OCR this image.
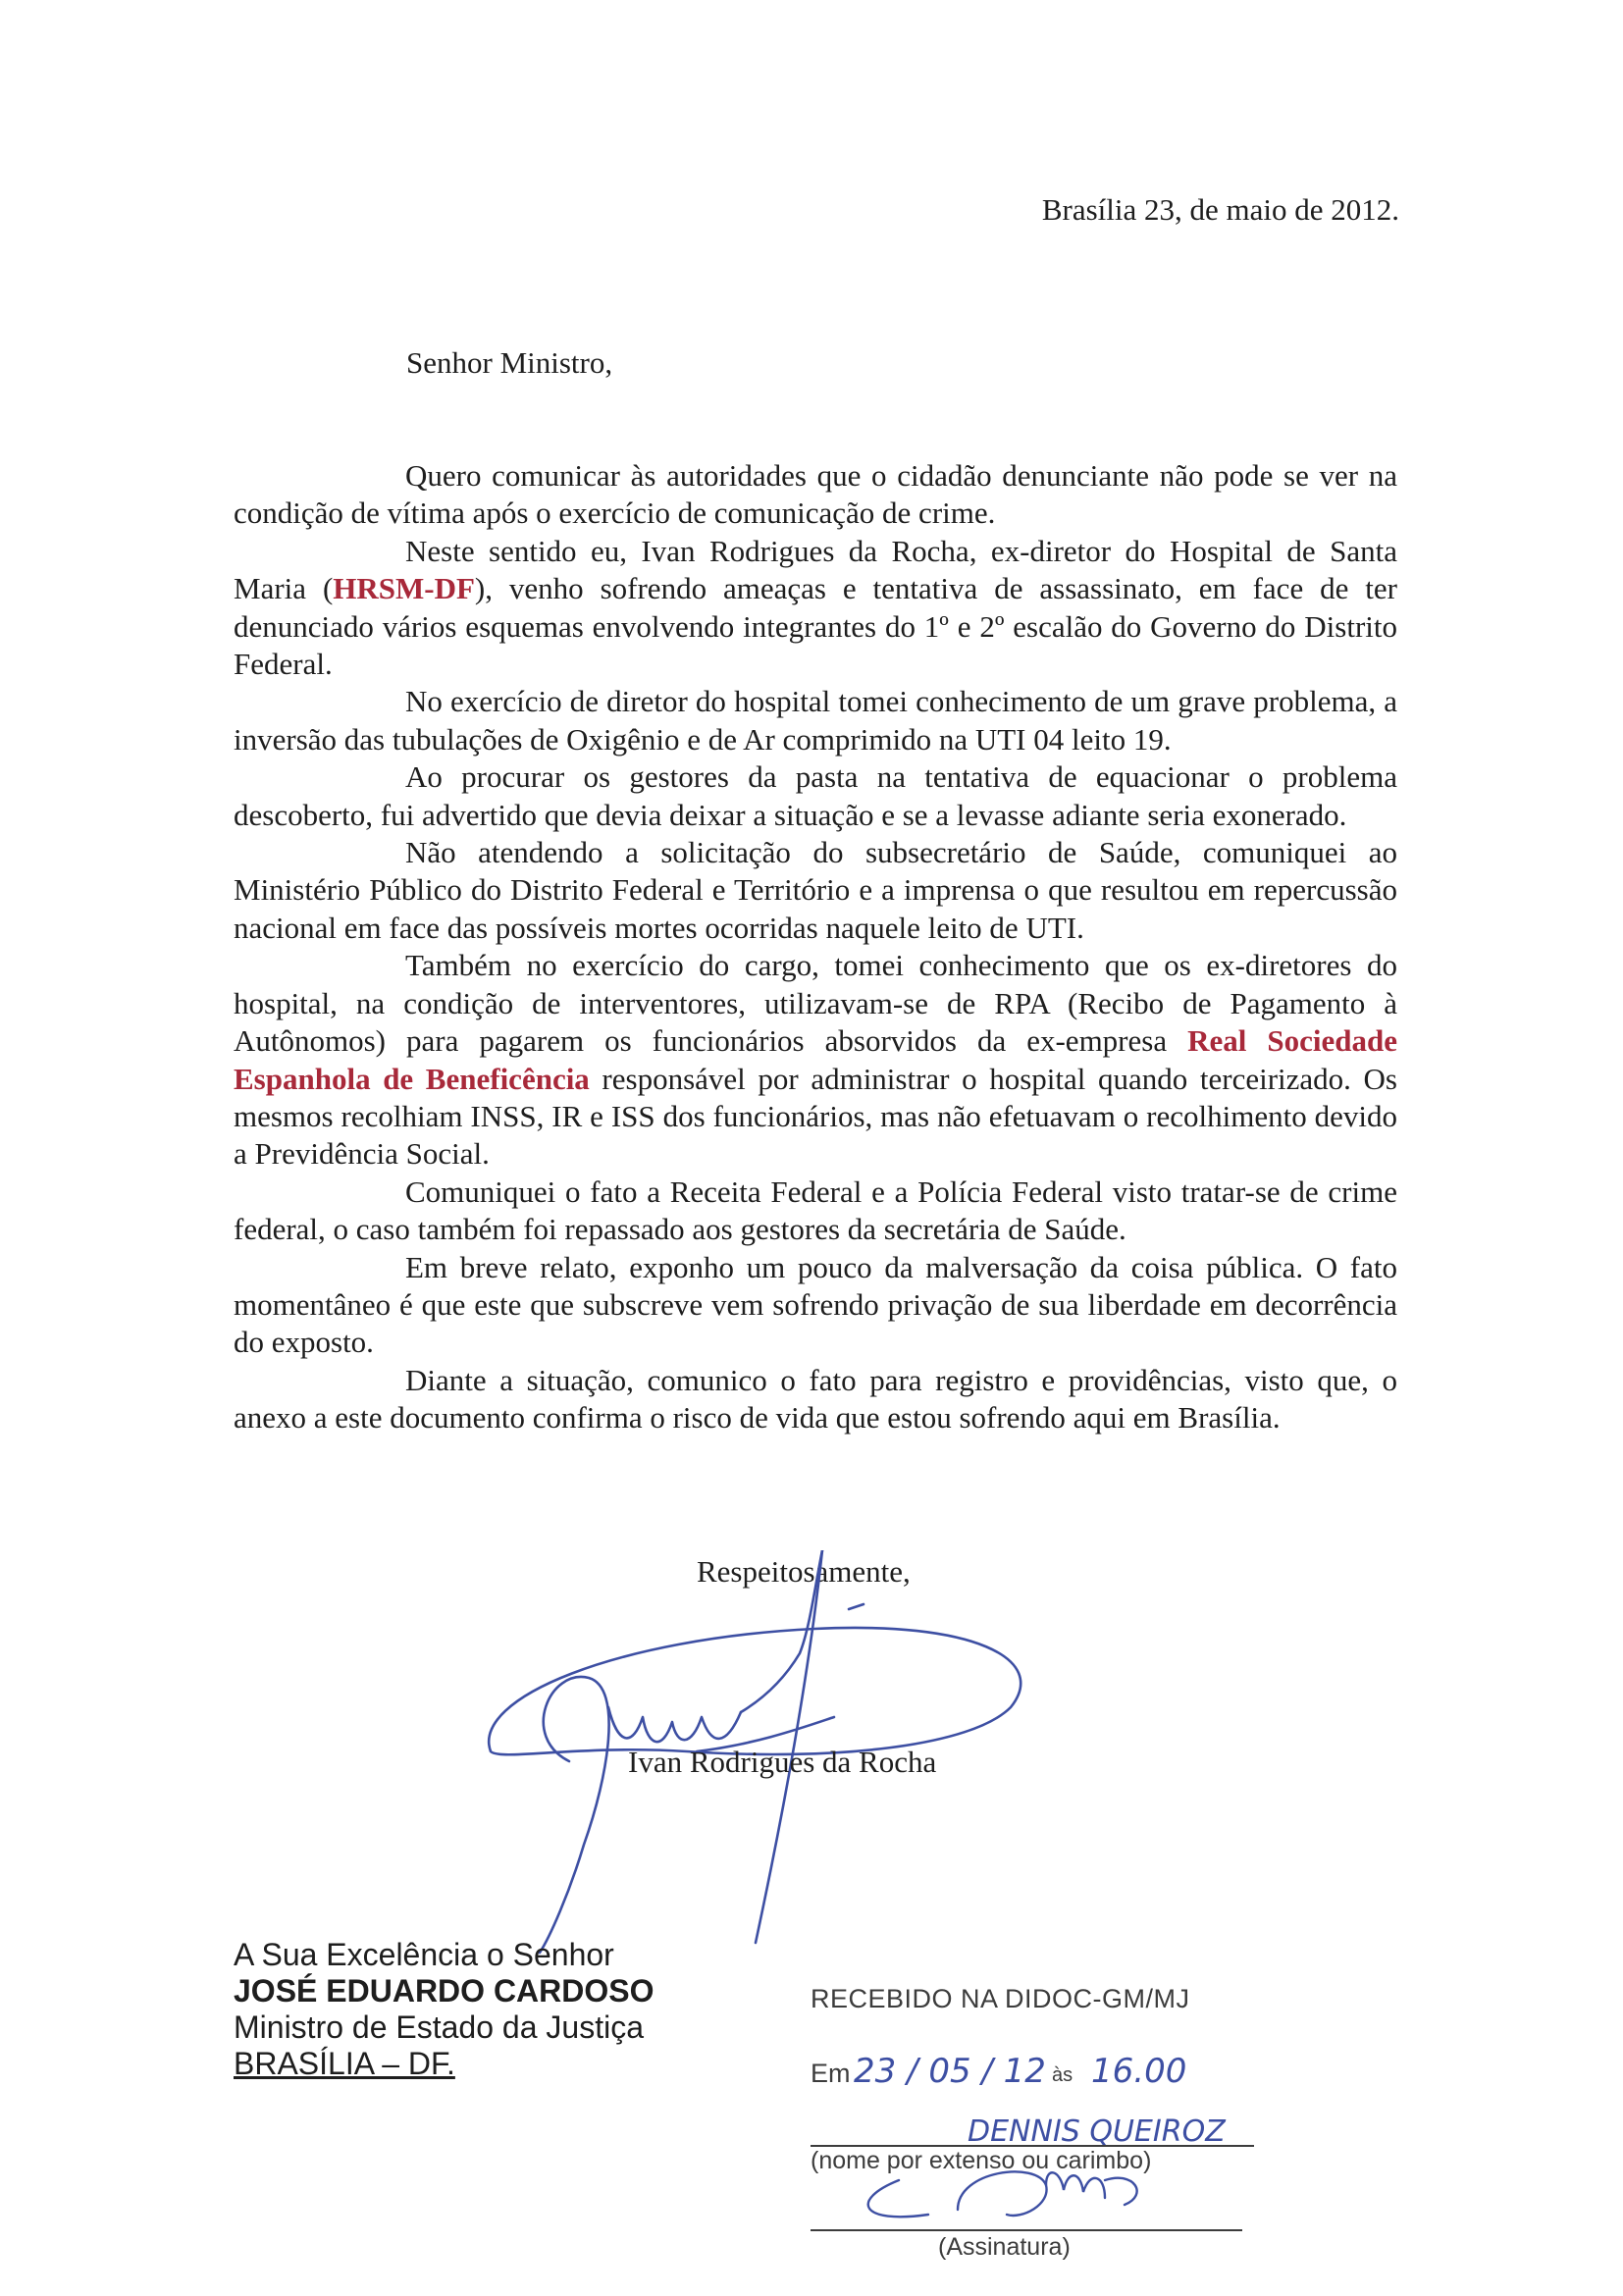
Brasília 23, de maio de 2012.
Senhor Ministro,

Quero comunicar às autoridades que o cidadão denunciante não pode se ver na condição de vítima após o exercício de comunicação de crime.

Neste sentido eu, Ivan Rodrigues da Rocha, ex-diretor do Hospital de Santa Maria (HRSM-DF), venho sofrendo ameaças e tentativa de assassinato, em face de ter denunciado vários esquemas envolvendo integrantes do 1º e 2º escalão do Governo do Distrito Federal.

No exercício de diretor do hospital tomei conhecimento de um grave problema, a inversão das tubulações de Oxigênio e de Ar comprimido na UTI 04 leito 19.

Ao procurar os gestores da pasta na tentativa de equacionar o problema descoberto, fui advertido que devia deixar a situação e se a levasse adiante seria exonerado.

Não atendendo a solicitação do subsecretário de Saúde, comuniquei ao Ministério Público do Distrito Federal e Território e a imprensa o que resultou em repercussão nacional em face das possíveis mortes ocorridas naquele leito de UTI.

Também no exercício do cargo, tomei conhecimento que os ex-diretores do hospital, na condição de interventores, utilizavam-se de RPA (Recibo de Pagamento à Autônomos) para pagarem os funcionários absorvidos da ex-empresa Real Sociedade Espanhola de Beneficência responsável por administrar o hospital quando terceirizado. Os mesmos recolhiam INSS, IR e ISS dos funcionários, mas não efetuavam o recolhimento devido a Previdência Social.

Comuniquei o fato a Receita Federal e a Polícia Federal visto tratar-se de crime federal, o caso também foi repassado aos gestores da secretária de Saúde.

Em breve relato, exponho um pouco da malversação da coisa pública. O fato momentâneo é que este que subscreve vem sofrendo privação de sua liberdade em decorrência do exposto.

Diante a situação, comunico o fato para registro e providências, visto que, o anexo a este documento confirma o risco de vida que estou sofrendo aqui em Brasília.

Respeitosamente,
Ivan Rodrigues da Rocha
A Sua Excelência o Senhor
JOSÉ EDUARDO CARDOSO
Ministro de Estado da Justiça
BRASÍLIA – DF.
RECEBIDO NA DIDOC-GM/MJ
Em	às
(nome por extenso ou carimbo)
(Assinatura)
23 / 05 / 12 16.00
DENNIS QUEIROZ
